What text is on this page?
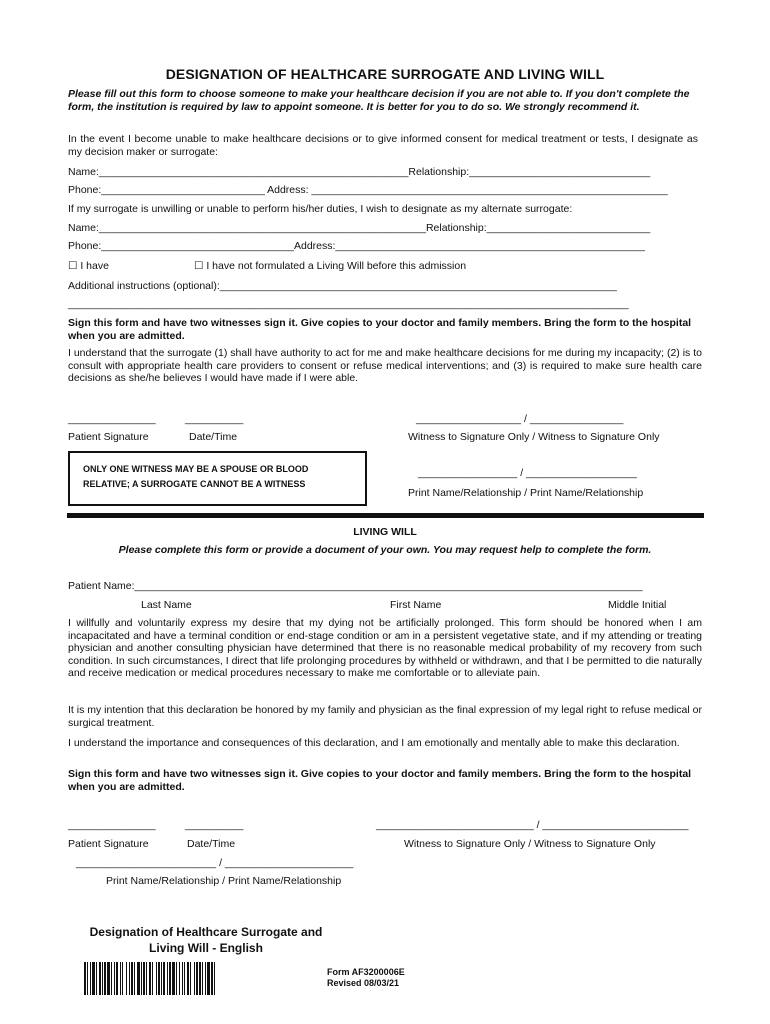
DESIGNATION OF HEALTHCARE SURROGATE AND LIVING WILL
Please fill out this form to choose someone to make your healthcare decision if you are not able to. If you don't complete the form, the institution is required by law to appoint someone. It is better for you to do so. We strongly recommend it.
In the event I become unable to make healthcare decisions or to give informed consent for medical treatment or tests, I designate as my decision maker or surrogate:
Name:_____________________________________________________Relationship:_______________________________
Phone:____________________________ Address: _____________________________________________________________
If my surrogate is unwilling or unable to perform his/her duties, I wish to designate as my alternate surrogate:
Name:________________________________________________________Relationship:____________________________
Phone:_________________________________Address:_____________________________________________________
☐ I have	☐ I have not formulated a Living Will before this admission
Additional instructions (optional):____________________________________________________________________
________________________________________________________________________________________________
Sign this form and have two witnesses sign it. Give copies to your doctor and family members. Bring the form to the hospital when you are admitted.
I understand that the surrogate (1) shall have authority to act for me and make healthcare decisions for me during my incapacity; (2) is to consult with appropriate health care providers to consent or refuse medical interventions; and (3) is required to make sure health care decisions as she/he believes I would have made if I were able.
_______________	__________	__________________ / ________________
Patient Signature	Date/Time	Witness to Signature Only / Witness to Signature Only
ONLY ONE WITNESS MAY BE A SPOUSE OR BLOOD RELATIVE; A SURROGATE CANNOT BE A WITNESS
_________________ / ___________________
Print Name/Relationship / Print Name/Relationship
LIVING WILL
Please complete this form or provide a document of your own. You may request help to complete the form.
Patient Name:_______________________________________________________________________________________
Last Name	First Name	Middle Initial
I willfully and voluntarily express my desire that my dying not be artificially prolonged. This form should be honored when I am incapacitated and have a terminal condition or end-stage condition or am in a persistent vegetative state, and if my attending or treating physician and another consulting physician have determined that there is no reasonable medical probability of my recovery from such condition. In such circumstances, I direct that life prolonging procedures by withheld or withdrawn, and that I be permitted to die naturally and receive medication or medical procedures necessary to make me comfortable or to alleviate pain.
It is my intention that this declaration be honored by my family and physician as the final expression of my legal right to refuse medical or surgical treatment.
I understand the importance and consequences of this declaration, and I am emotionally and mentally able to make this declaration.
Sign this form and have two witnesses sign it. Give copies to your doctor and family members. Bring the form to the hospital when you are admitted.
_______________	__________	___________________________ / _________________________
Patient Signature	Date/Time	Witness to Signature Only / Witness to Signature Only
________________________ / ______________________
Print Name/Relationship / Print Name/Relationship
Designation of Healthcare Surrogate and Living Will - English
Form AF3200006E
Revised 08/03/21
